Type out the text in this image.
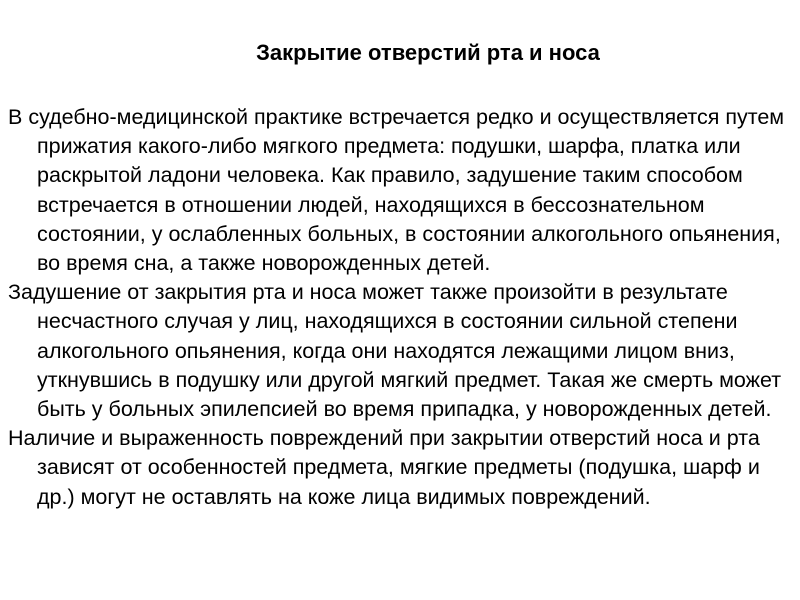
Закрытие отверстий рта и носа

В судебно-медицинской практике встречается редко и осуществляется путем прижатия какого-либо мягкого предмета: подушки, шарфа, платка или раскрытой ладони человека. Как правило, задушение таким способом встречается в отношении людей, находящихся в бессознательном состоянии, у ослабленных больных, в состоянии алкогольного опьянения, во время сна, а также новорожденных детей.

Задушение от закрытия рта и носа может также произойти в результате несчастного случая у лиц, находящихся в состоянии сильной степени алкогольного опьянения, когда они находятся лежащими лицом вниз, уткнувшись в подушку или другой мягкий предмет. Такая же смерть может быть у больных эпилепсией во время припадка, у новорожденных детей.

Наличие и выраженность повреждений при закрытии отверстий носа и рта зависят от особенностей предмета, мягкие предметы (подушка, шарф и др.) могут не оставлять на коже лица видимых повреждений.
